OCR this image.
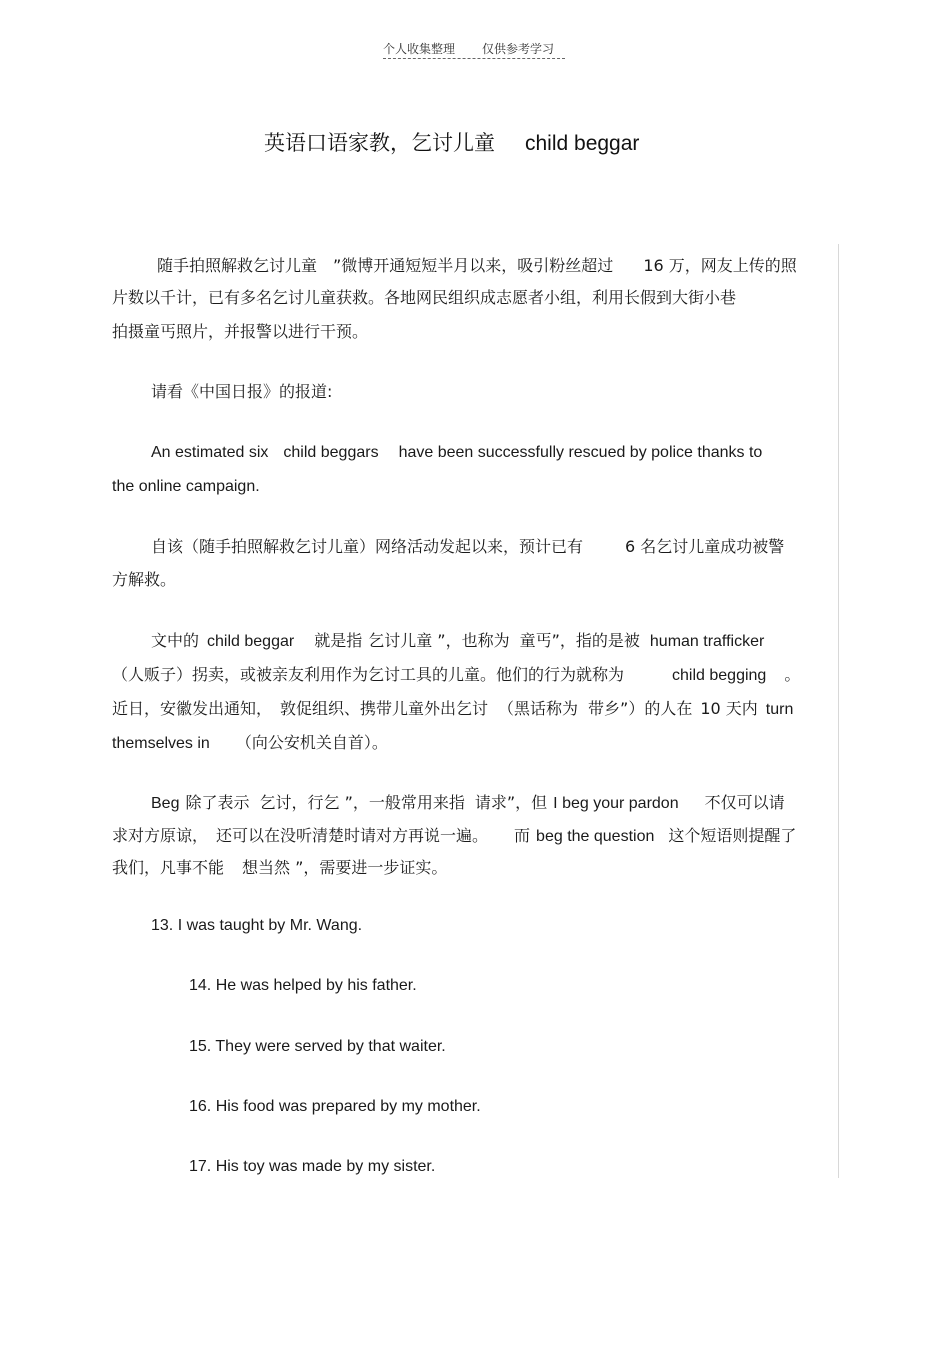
个人收集整理 仅供参考学习
英语口语家教，乞讨儿童 child beggar
随手拍照解救乞讨儿童 ”微博开通短短半月以来，吸引粉丝超过 16 万，网友上传的照
片数以千计，已有多名乞讨儿童获救。各地网民组织成志愿者小组，利用长假到大街小巷
拍摄童丐照片，并报警以进行干预。
请看《中国日报》的报道:
An estimated six child beggars have been successfully rescued by police thanks to
the online campaign.
自该（随手拍照解救乞讨儿童）网络活动发起以来，预计已有	6 名乞讨儿童成功被警
方解救。
文中的 child beggar 就是指 乞讨儿童 ”，也称为 童丐”，指的是被 human trafficker
（人贩子）拐卖，或被亲友利用作为乞讨工具的儿童。他们的行为就称为	child begging 。
近日，安徽发出通知， 敦促组织、携带儿童外出乞讨 （黑话称为 带乡”）的人在 10 天内 turn
themselves in （向公安机关自首）。
Beg 除了表示 乞讨，行乞 ”，一般常用来指 请求”，但 I beg your pardon 不仅可以请
求对方原谅， 还可以在没听清楚时请对方再说一遍。 而 beg the question 这个短语则提醒了
我们，凡事不能 想当然 ”，需要进一步证实。
13. I was taught by Mr. Wang.
14. He was helped by his father.
15. They were served by that waiter.
16. His food was prepared by my mother.
17. His toy was made by my sister.
